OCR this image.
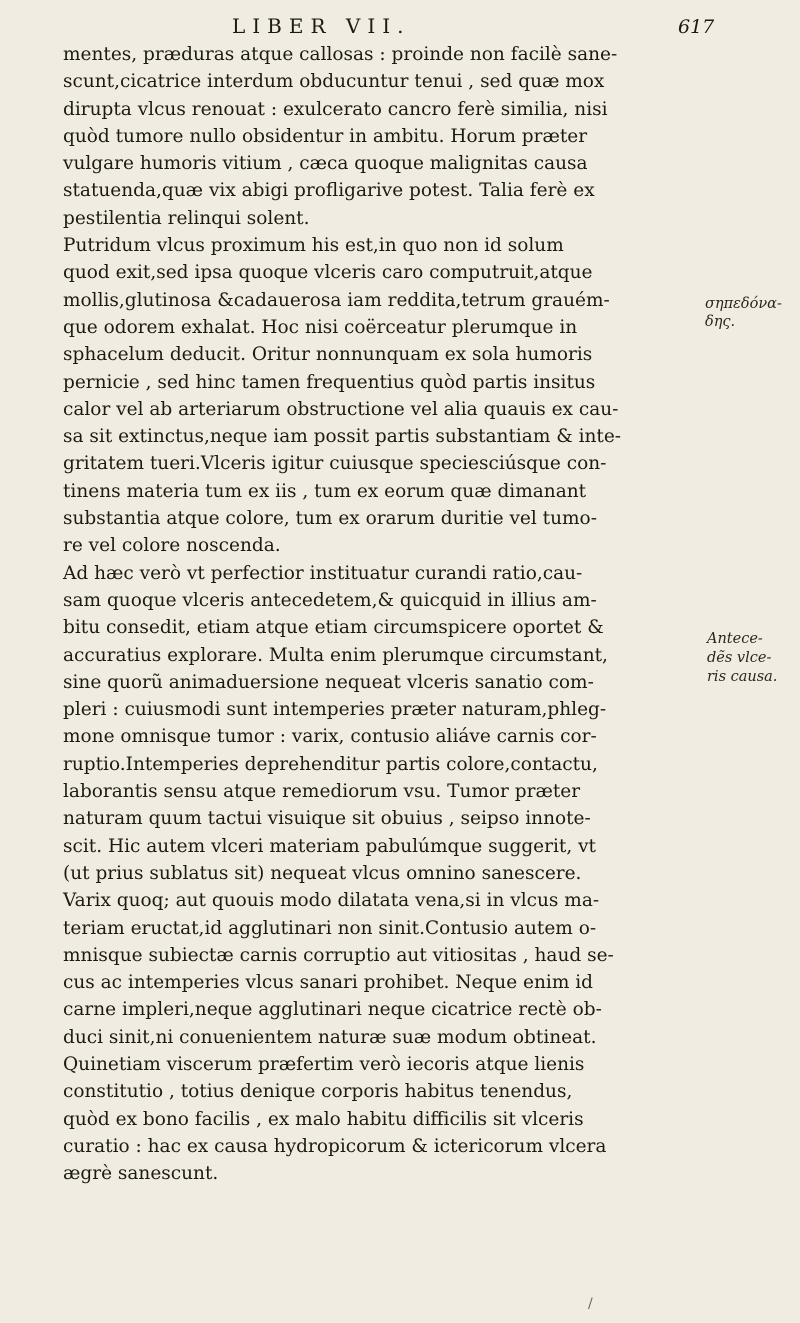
LIBER VII.	617
mentes, præduras atque callosas : proinde non facilè sane-
scunt,cicatrice interdum obducuntur tenui , sed quæ mox
dirupta vlcus renouat : exulcerato cancro ferè similia, nisi
quòd tumore nullo obsidentur in ambitu. Horum præter
vulgare humoris vitium , cæca quoque malignitas causa
statuenda,quæ vix abigi profligarive potest. Talia ferè ex
pestilentia relinqui solent.
Putridum vlcus proximum his est,in quo non id solum
quod exit,sed ipsa quoque vlceris caro computruit,atque
mollis,glutinosa &cadauerosa iam reddita,tetrum grauém-
que odorem exhalat. Hoc nisi coërceatur plerumque in
sphacelum deducit. Oritur nonnunquam ex sola humoris
pernicie , sed hinc tamen frequentius quòd partis insitus
calor vel ab arteriarum obstructione vel alia quauis ex cau-
sa sit extinctus,neque iam possit partis substantiam & inte-
gritatem tueri.Vlceris igitur cuiusque speciesciúsque con-
tinens materia tum ex iis , tum ex eorum quæ dimanant
substantia atque colore, tum ex orarum duritie vel tumo-
re vel colore noscenda.
Ad hæc verò vt perfectior instituatur curandi ratio,cau-
sam quoque vlceris antecedetem,& quicquid in illius am-
bitu consedit, etiam atque etiam circumspicere oportet &
accuratius explorare. Multa enim plerumque circumstant,
sine quorũ animaduersione nequeat vlceris sanatio com-
pleri : cuiusmodi sunt intemperies præter naturam,phleg-
mone omnisque tumor : varix, contusio aliáve carnis cor-
ruptio.Intemperies deprehenditur partis colore,contactu,
laborantis sensu atque remediorum vsu. Tumor præter
naturam quum tactui visuique sit obuius , seipso innote-
scit. Hic autem vlceri materiam pabulúmque suggerit, vt
(ut prius sublatus sit) nequeat vlcus omnino sanescere.
Varix quoq; aut quouis modo dilatata vena,si in vlcus ma-
teriam eructat,id agglutinari non sinit.Contusio autem o-
mnisque subiectæ carnis corruptio aut vitiositas , haud se-
cus ac intemperies vlcus sanari prohibet. Neque enim id
carne impleri,neque agglutinari neque cicatrice rectè ob-
duci sinit,ni conuenientem naturæ suæ modum obtineat.
Quinetiam viscerum præfertim verò iecoris atque lienis
constitutio , totius denique corporis habitus tenendus,
quòd ex bono facilis , ex malo habitu difficilis sit vlceris
curatio : hac ex causa hydropicorum & ictericorum vlcera
ægrè sanescunt.
σηπεδόνα-
δης.
Antece-
dẽs vlce-
ris causa.
/
